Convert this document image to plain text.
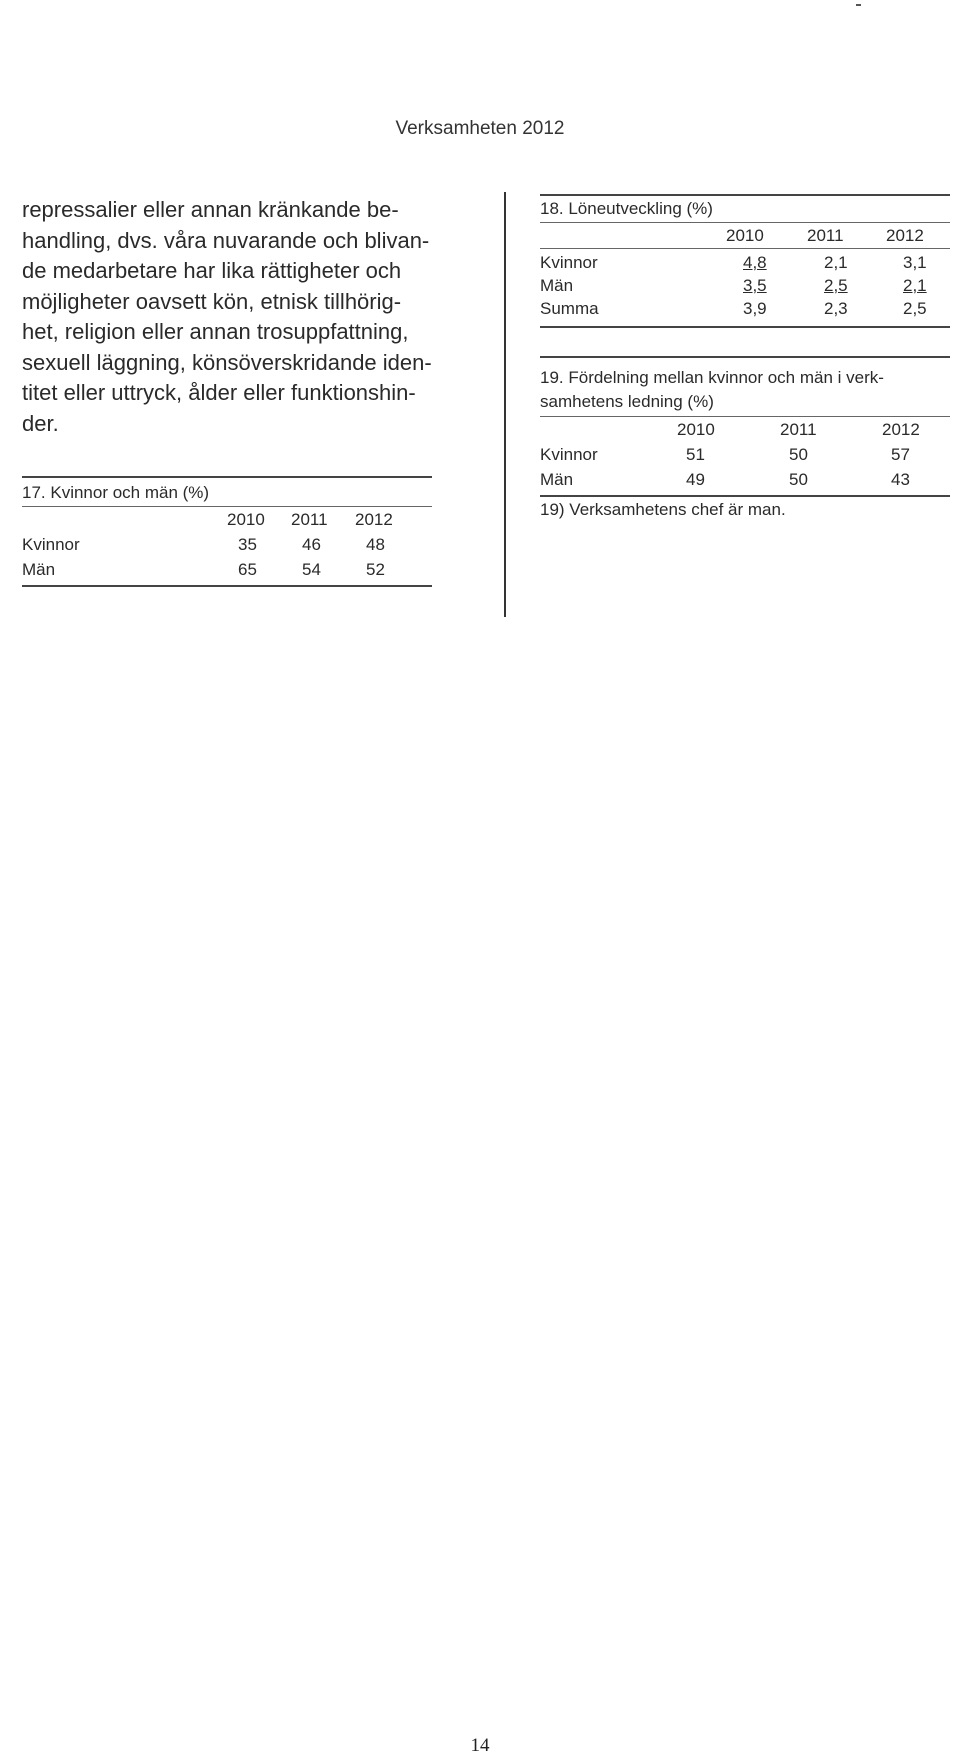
Verksamheten 2012
repressalier eller annan kränkande be-
handling, dvs. våra nuvarande och blivan-
de medarbetare har lika rättigheter och
möjligheter oavsett kön, etnisk tillhörig-
het, religion eller annan trosuppfattning,
sexuell läggning, könsöverskridande iden-
titet eller uttryck, ålder eller funktionshin-
der.
17. Kvinnor och män (%)
2010 2011 2012
Kvinnor	35	46	48
Män	65	54	52
18. Löneutveckling (%)
2010	2011 2012
Kvinnor	4,8	2,1	3,1
Män	3,5	2,5	2,1
Summa	3,9	2,3	2,5
19. Fördelning mellan kvinnor och män i verk-
samhetens ledning (%)
2010	2011	2012
Kvinnor	51	50	57
Män	49	50	43
19) Verksamhetens chef är man.
14
